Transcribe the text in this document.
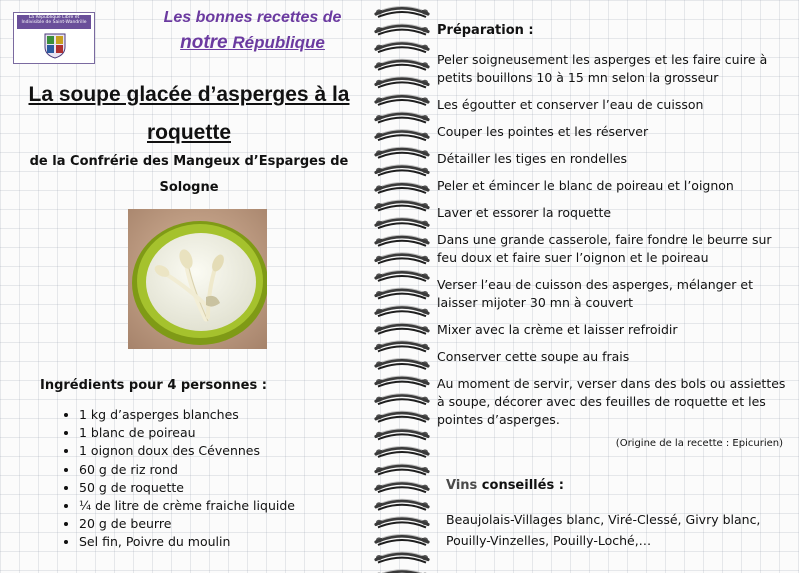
La République Libre et Indivisible de Saint-Wandrille	Les bonnes recettes de
notre République
La soupe glacée d’asperges à la
roquette
de la Confrérie des Mangeux d’Esparges de
Sologne
Ingrédients pour 4 personnes :
• 1 kg d’asperges blanches
• 1 blanc de poireau
• 1 oignon doux des Cévennes
• 60 g de riz rond
• 50 g de roquette
• ¼ de litre de crème fraiche liquide
• 20 g de beurre
• Sel fin, Poivre du moulin
Préparation :
Peler soigneusement les asperges et les faire cuire à petits bouillons 10 à 15 mn selon la grosseur
Les égoutter et conserver l’eau de cuisson
Couper les pointes et les réserver
Détailler les tiges en rondelles
Peler et émincer le blanc de poireau et l’oignon
Laver et essorer la roquette
Dans une grande casserole, faire fondre le beurre sur feu doux et faire suer l’oignon et le poireau
Verser l’eau de cuisson des asperges, mélanger et laisser mijoter 30 mn à couvert
Mixer avec la crème et laisser refroidir
Conserver cette soupe au frais
Au moment de servir, verser dans des bols ou assiettes à soupe, décorer avec des feuilles de roquette et les pointes d’asperges.
(Origine de la recette : Epicurien)
Vins conseillés :
Beaujolais-Villages blanc, Viré-Clessé, Givry blanc, Pouilly-Vinzelles, Pouilly-Loché,…
